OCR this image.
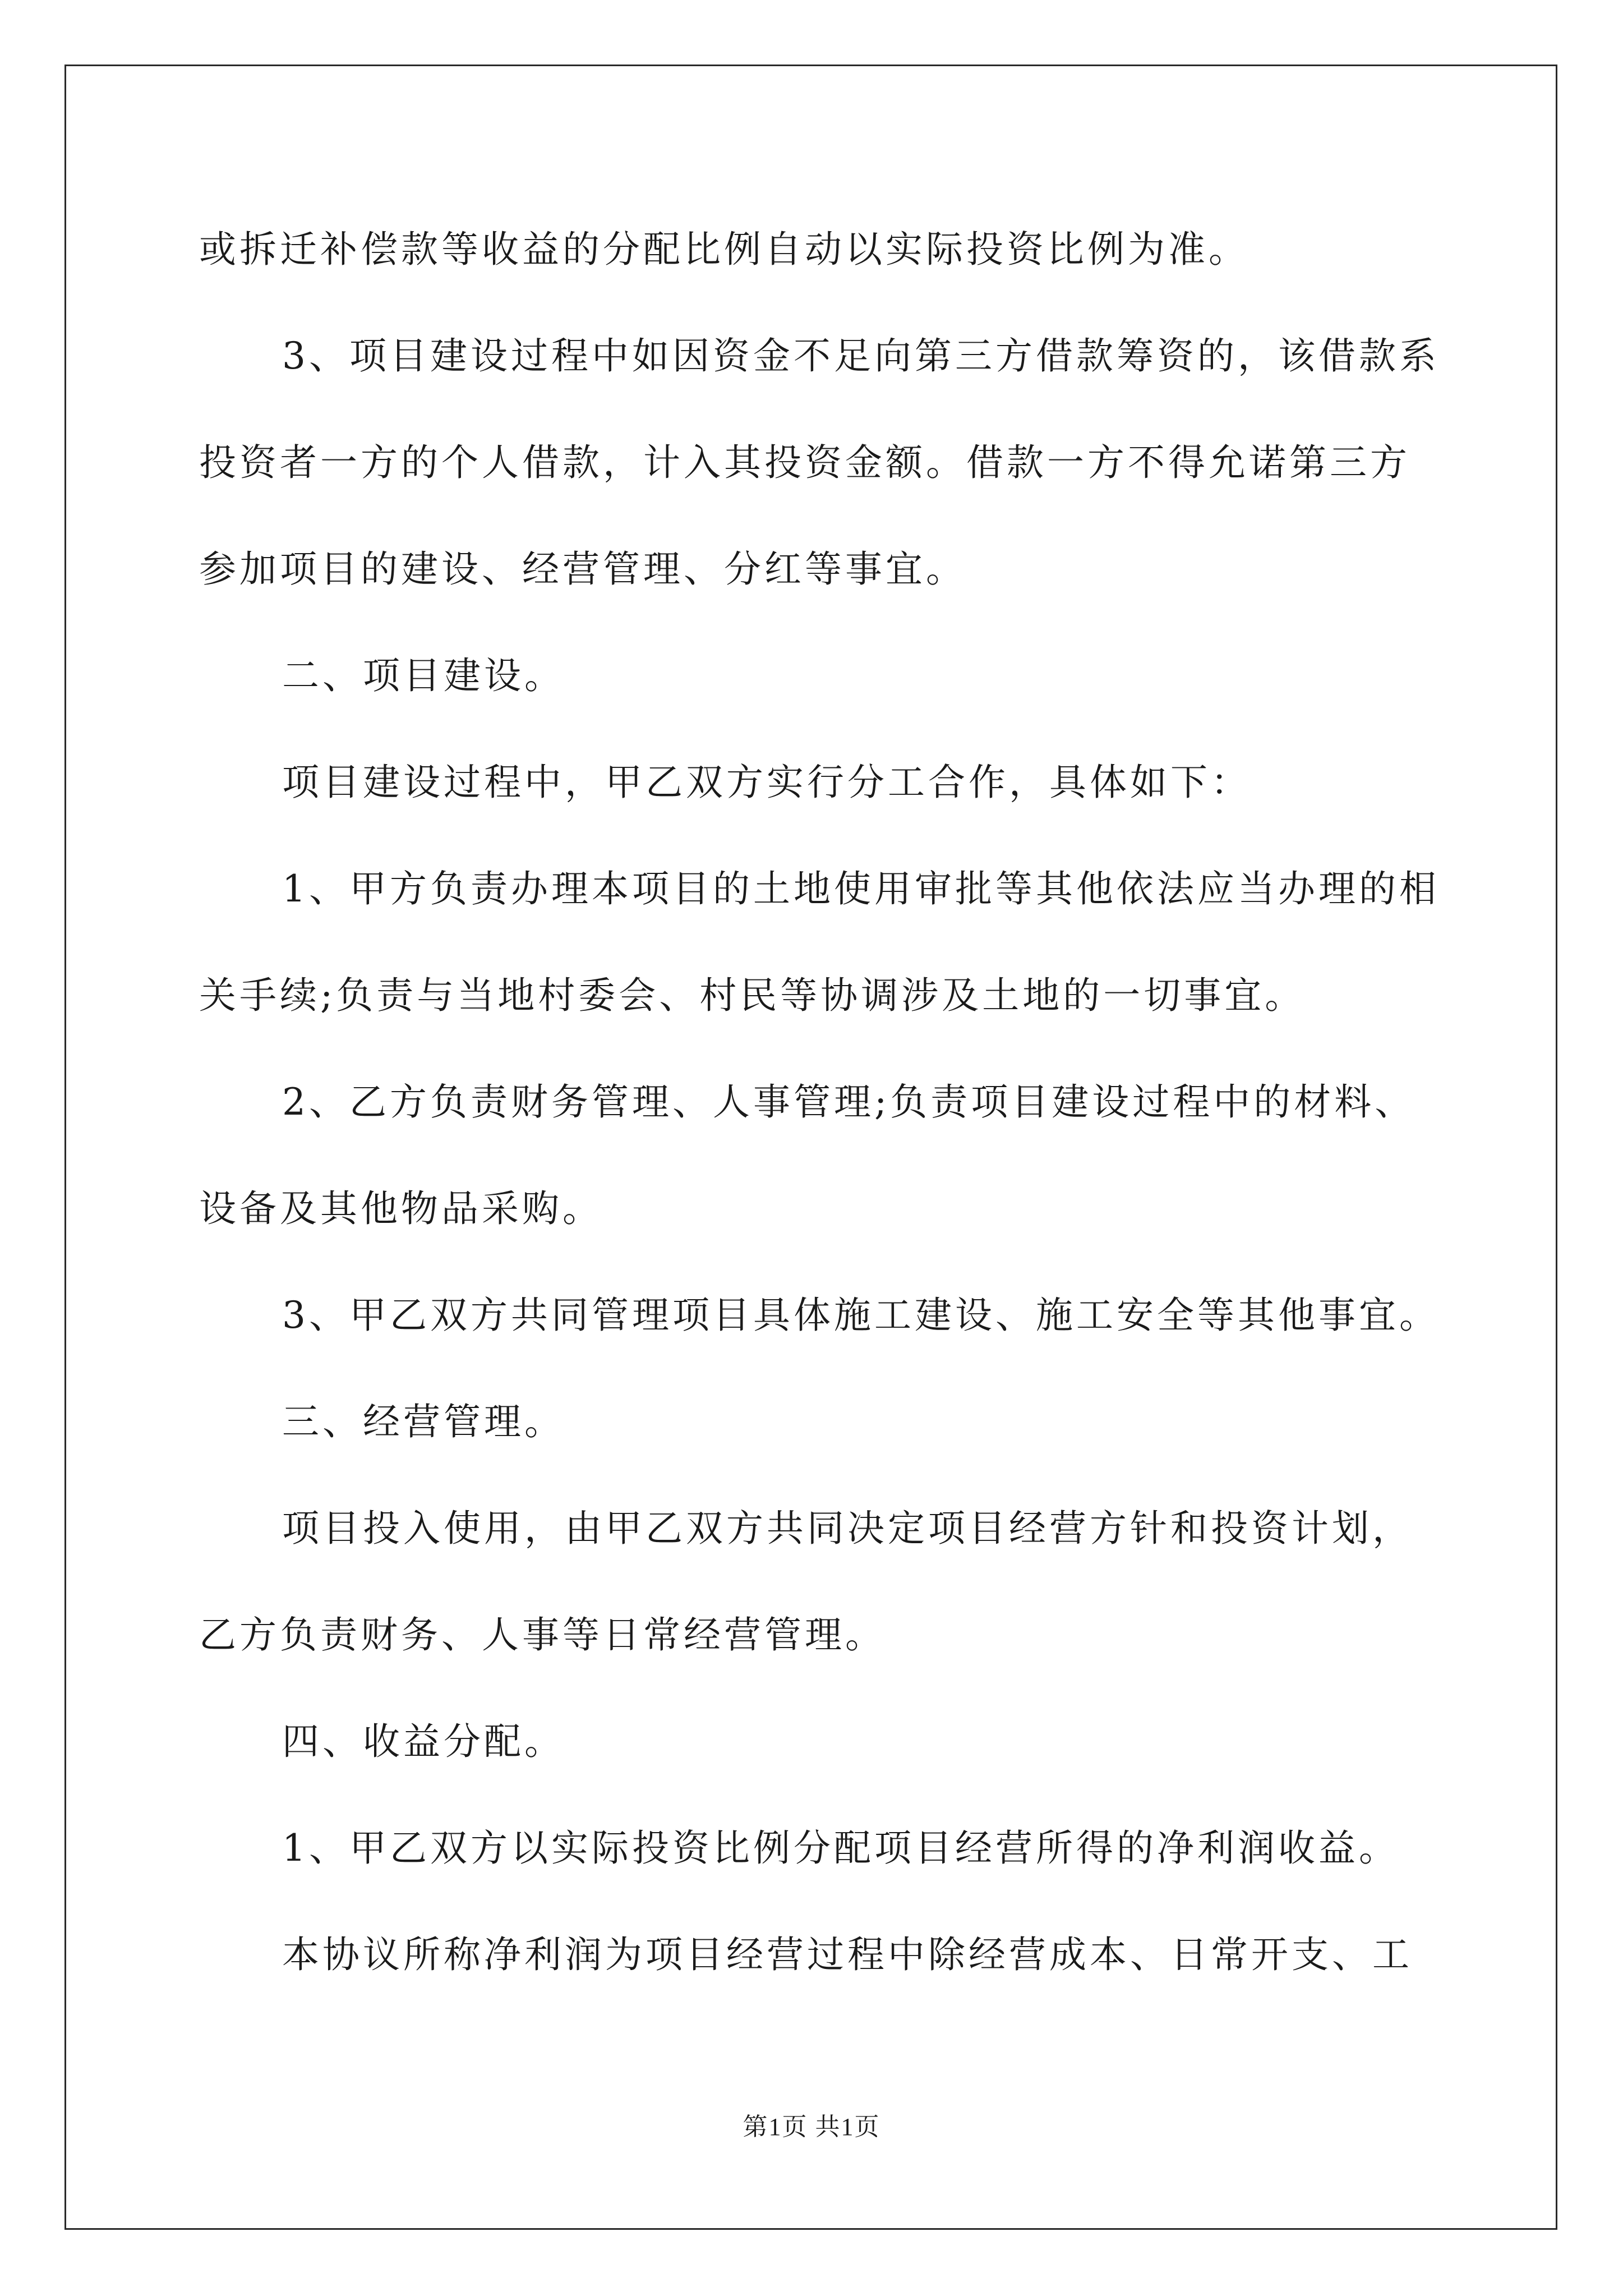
或拆迁补偿款等收益的分配比例自动以实际投资比例为准。
3、项目建设过程中如因资金不足向第三方借款筹资的，该借款系
投资者一方的个人借款，计入其投资金额。借款一方不得允诺第三方
参加项目的建设、经营管理、分红等事宜。
二、项目建设。
项目建设过程中，甲乙双方实行分工合作，具体如下：
1、甲方负责办理本项目的土地使用审批等其他依法应当办理的相
关手续;负责与当地村委会、村民等协调涉及土地的一切事宜。
2、乙方负责财务管理、人事管理;负责项目建设过程中的材料、
设备及其他物品采购。
3、甲乙双方共同管理项目具体施工建设、施工安全等其他事宜。
三、经营管理。
项目投入使用，由甲乙双方共同决定项目经营方针和投资计划，
乙方负责财务、人事等日常经营管理。
四、收益分配。
1、甲乙双方以实际投资比例分配项目经营所得的净利润收益。
本协议所称净利润为项目经营过程中除经营成本、日常开支、工
第1页 共1页
